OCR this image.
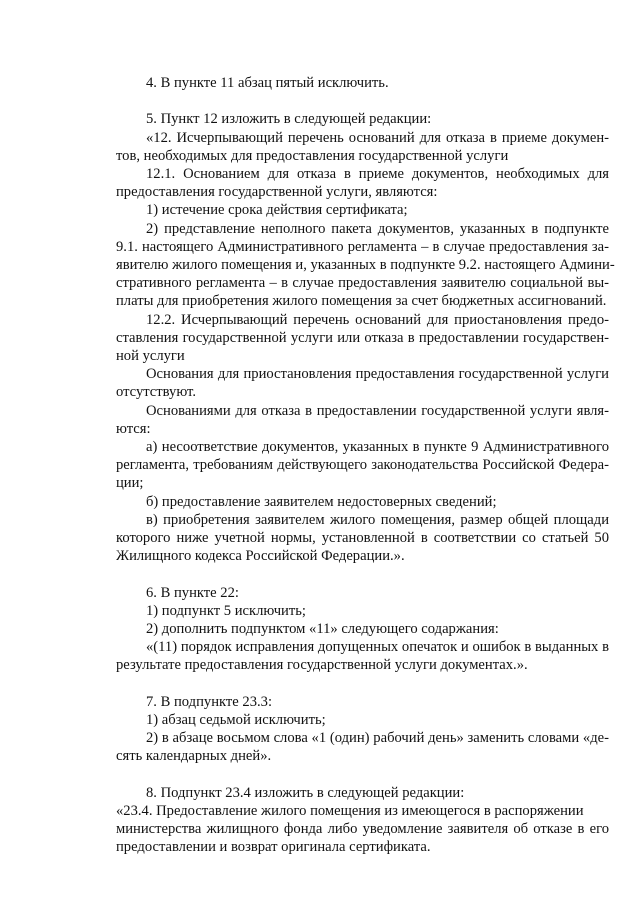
4. В пункте 11 абзац пятый исключить.
5. Пункт 12 изложить в следующей редакции:
«12. Исчерпывающий перечень оснований для отказа в приеме докумен-
тов, необходимых для предоставления государственной услуги
12.1. Основанием для отказа в приеме документов, необходимых для
предоставления государственной услуги, являются:
1) истечение срока действия сертификата;
2) представление неполного пакета документов, указанных в подпункте
9.1. настоящего Административного регламента – в случае предоставления за-
явителю жилого помещения и, указанных в подпункте 9.2. настоящего Админи-
стративного регламента – в случае предоставления заявителю социальной вы-
платы для приобретения жилого помещения за счет бюджетных ассигнований.
12.2. Исчерпывающий перечень оснований для приостановления предо-
ставления государственной услуги или отказа в предоставлении государствен-
ной услуги
Основания для приостановления предоставления государственной услуги
отсутствуют.
Основаниями для отказа в предоставлении государственной услуги явля-
ются:
а) несоответствие документов, указанных в пункте 9 Административного
регламента, требованиям действующего законодательства Российской Федера-
ции;
б) предоставление заявителем недостоверных сведений;
в) приобретения заявителем жилого помещения, размер общей площади
которого ниже учетной нормы, установленной в соответствии со статьей 50
Жилищного кодекса Российской Федерации.».
6. В пункте 22:
1) подпункт 5 исключить;
2) дополнить подпунктом «11» следующего содаржания:
«(11) порядок исправления допущенных опечаток и ошибок в выданных в
результате предоставления государственной услуги документах.».
7. В подпункте 23.3:
1) абзац седьмой исключить;
2) в абзаце восьмом слова «1 (один) рабочий день» заменить словами «де-
сять календарных дней».
8. Подпункт 23.4 изложить в следующей редакции:
«23.4. Предоставление жилого помещения из имеющегося в распоряжении
министерства жилищного фонда либо уведомление заявителя об отказе в его
предоставлении и возврат оригинала сертификата.
